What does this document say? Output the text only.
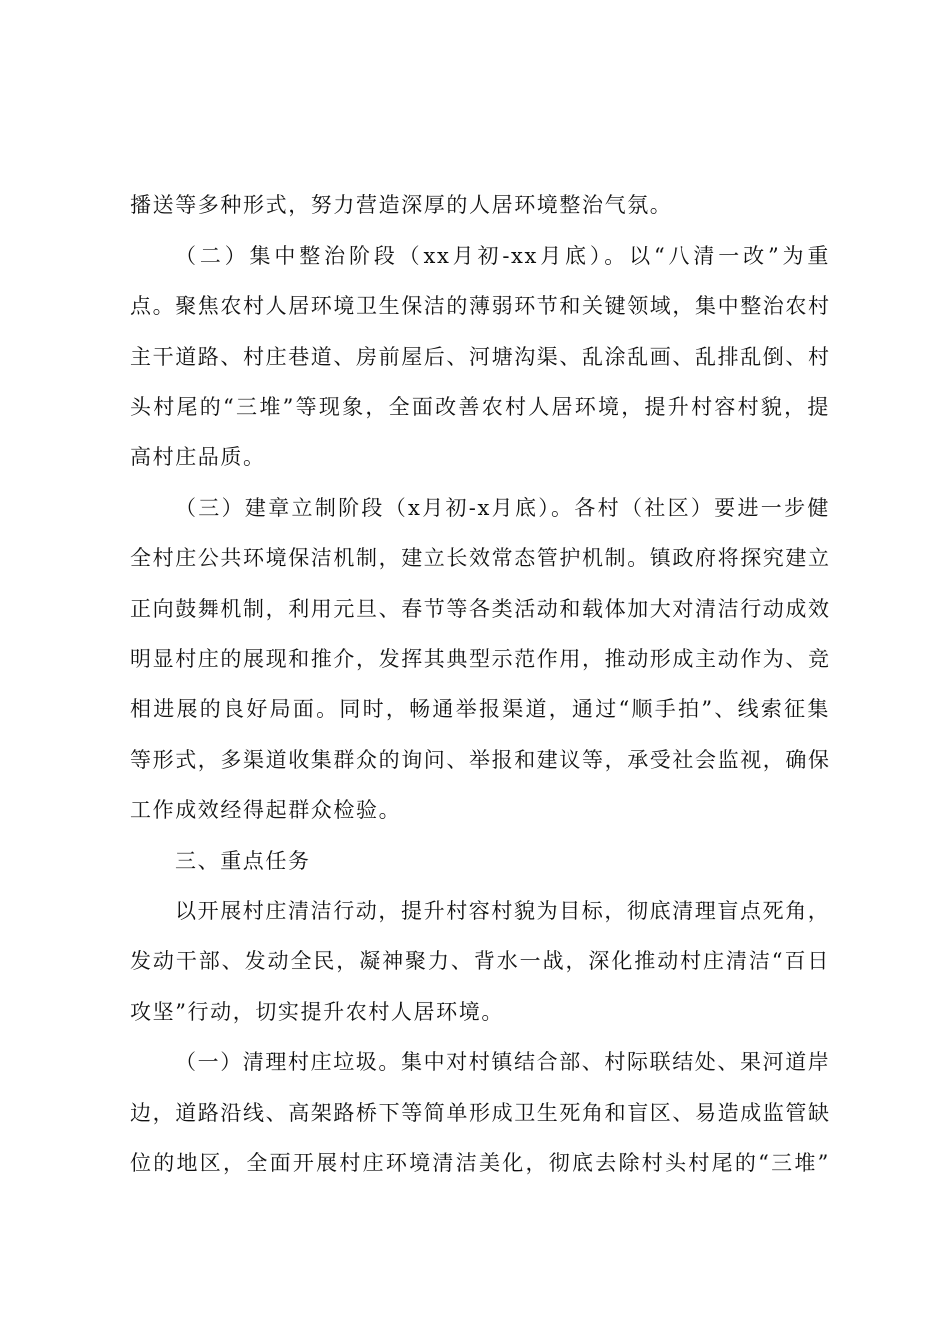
播送等多种形式，努力营造深厚的人居环境整治气氛。
（二）集中整治阶段（xx月初-xx月底）。以“八清一改”为重
点。聚焦农村人居环境卫生保洁的薄弱环节和关键领域，集中整治农村
主干道路、村庄巷道、房前屋后、河塘沟渠、乱涂乱画、乱排乱倒、村
头村尾的“三堆”等现象，全面改善农村人居环境，提升村容村貌，提
高村庄品质。
（三）建章立制阶段（x月初-x月底）。各村（社区）要进一步健
全村庄公共环境保洁机制，建立长效常态管护机制。镇政府将探究建立
正向鼓舞机制，利用元旦、春节等各类活动和载体加大对清洁行动成效
明显村庄的展现和推介，发挥其典型示范作用，推动形成主动作为、竞
相进展的良好局面。同时，畅通举报渠道，通过“顺手拍”、线索征集
等形式，多渠道收集群众的询问、举报和建议等，承受社会监视，确保
工作成效经得起群众检验。
三、重点任务
以开展村庄清洁行动，提升村容村貌为目标，彻底清理盲点死角，
发动干部、发动全民，凝神聚力、背水一战，深化推动村庄清洁“百日
攻坚”行动，切实提升农村人居环境。
（一）清理村庄垃圾。集中对村镇结合部、村际联结处、果河道岸
边，道路沿线、高架路桥下等简单形成卫生死角和盲区、易造成监管缺
位的地区，全面开展村庄环境清洁美化，彻底去除村头村尾的“三堆”
